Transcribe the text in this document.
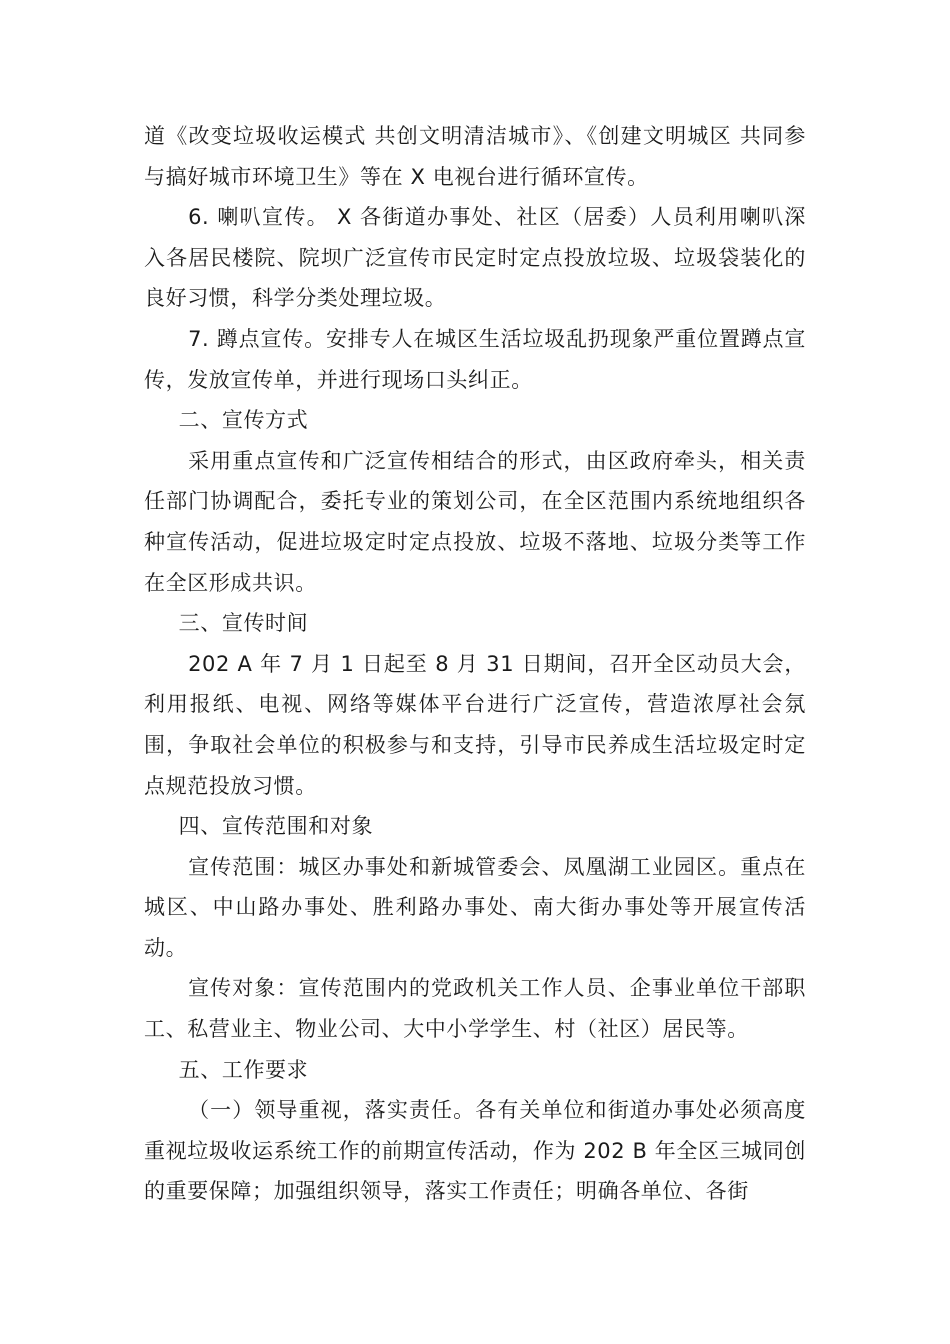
道《改变垃圾收运模式 共创文明清洁城市》、《创建文明城区 共同参与搞好城市环境卫生》等在 X 电视台进行循环宣传。

6. 喇叭宣传。 X 各街道办事处、社区（居委）人员利用喇叭深入各居民楼院、院坝广泛宣传市民定时定点投放垃圾、垃圾袋装化的良好习惯，科学分类处理垃圾。

7. 蹲点宣传。安排专人在城区生活垃圾乱扔现象严重位置蹲点宣传，发放宣传单，并进行现场口头纠正。

二、宣传方式

采用重点宣传和广泛宣传相结合的形式，由区政府牵头，相关责任部门协调配合，委托专业的策划公司，在全区范围内系统地组织各种宣传活动，促进垃圾定时定点投放、垃圾不落地、垃圾分类等工作在全区形成共识。

三、宣传时间

202 A 年 7 月 1 日起至 8 月 31 日期间，召开全区动员大会，利用报纸、电视、网络等媒体平台进行广泛宣传，营造浓厚社会氛围，争取社会单位的积极参与和支持，引导市民养成生活垃圾定时定点规范投放习惯。

四、宣传范围和对象

宣传范围：城区办事处和新城管委会、凤凰湖工业园区。重点在城区、中山路办事处、胜利路办事处、南大街办事处等开展宣传活动。

宣传对象：宣传范围内的党政机关工作人员、企事业单位干部职工、私营业主、物业公司、大中小学学生、村（社区）居民等。

五、工作要求

（一）领导重视，落实责任。各有关单位和街道办事处必须高度重视垃圾收运系统工作的前期宣传活动，作为 202 B 年全区三城同创的重要保障；加强组织领导，落实工作责任；明确各单位、各街
